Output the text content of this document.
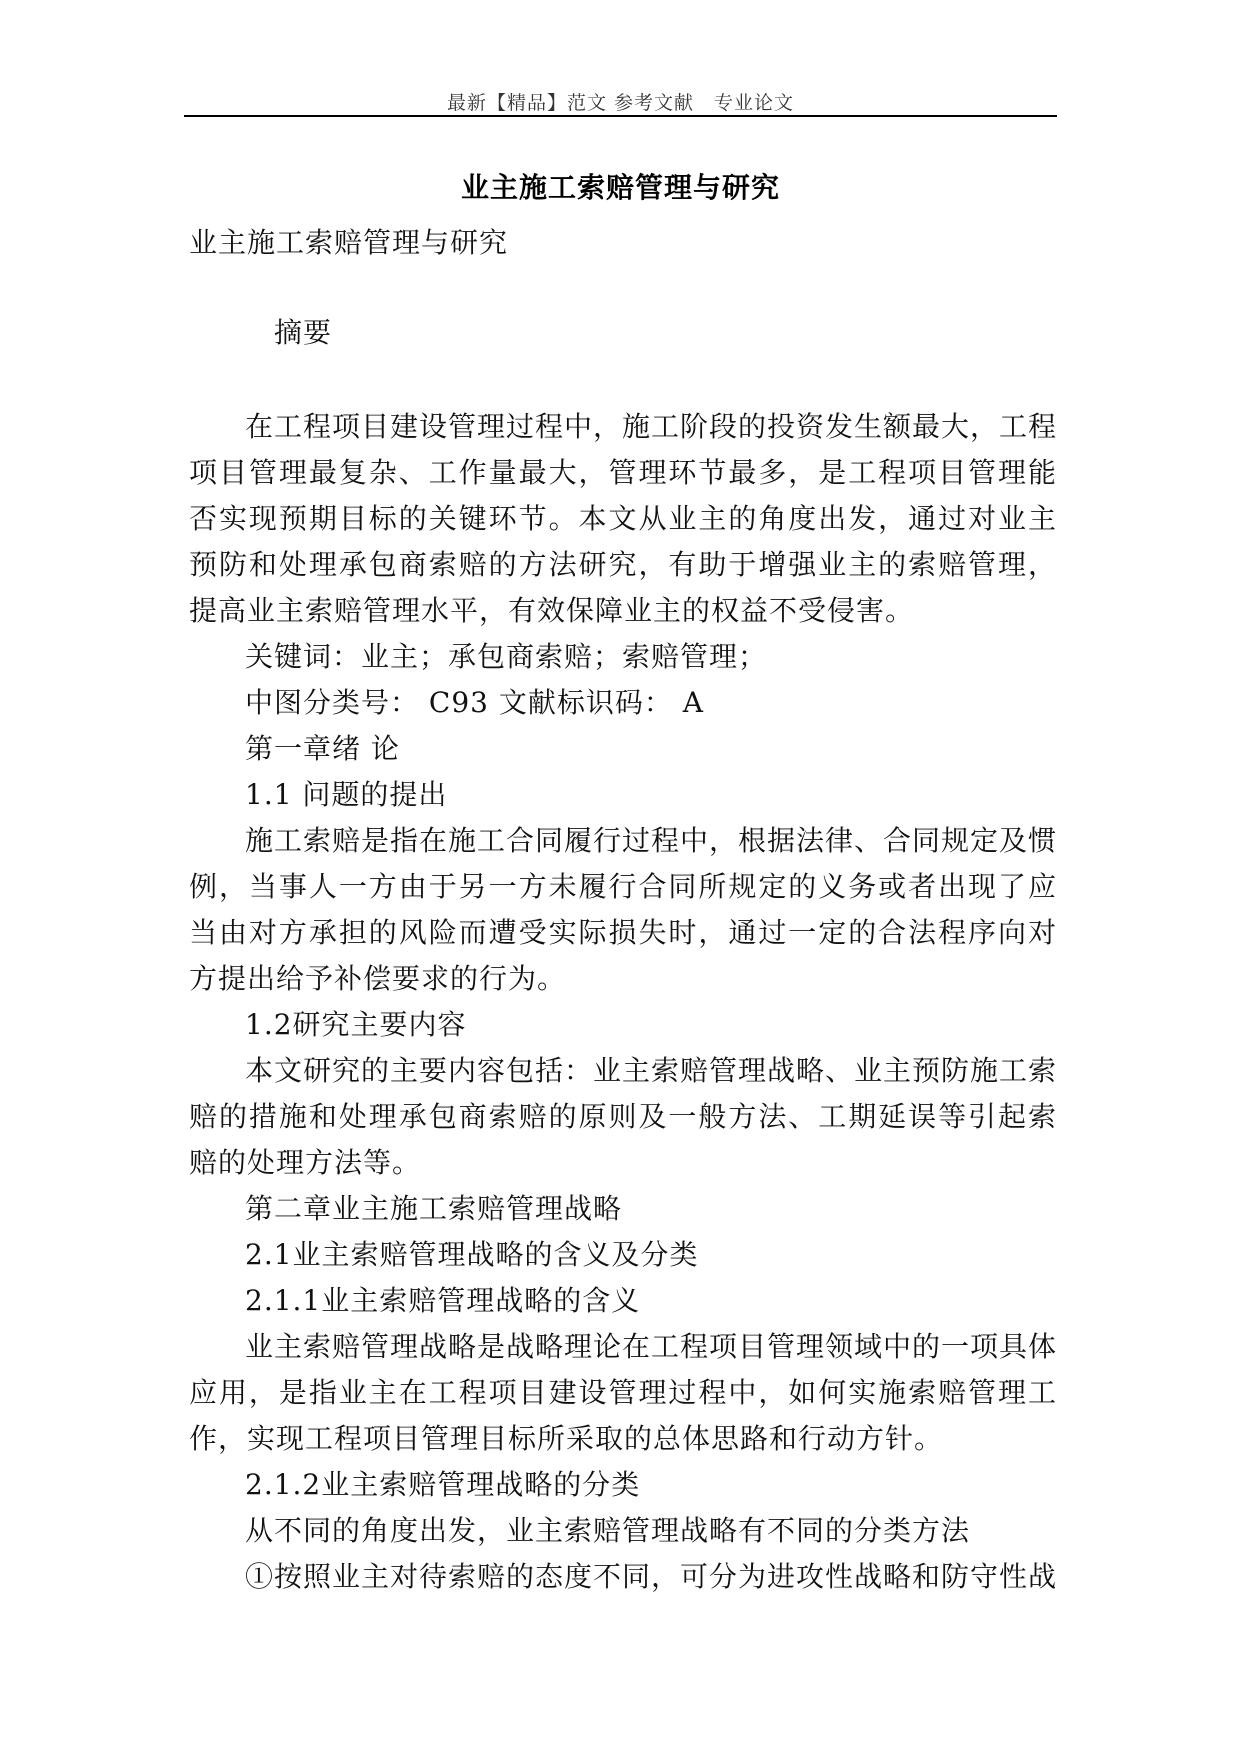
最新【精品】范文 参考文献　专业论文
业主施工索赔管理与研究
业主施工索赔管理与研究
摘要

在工程项目建设管理过程中，施工阶段的投资发生额最大，工程项目管理最复杂、工作量最大，管理环节最多，是工程项目管理能否实现预期目标的关键环节。本文从业主的角度出发，通过对业主预防和处理承包商索赔的方法研究，有助于增强业主的索赔管理，提高业主索赔管理水平，有效保障业主的权益不受侵害。

关键词：业主；承包商索赔；索赔管理；

中图分类号： C93 文献标识码： A

第一章绪 论

1.1 问题的提出

施工索赔是指在施工合同履行过程中，根据法律、合同规定及惯例，当事人一方由于另一方未履行合同所规定的义务或者出现了应当由对方承担的风险而遭受实际损失时，通过一定的合法程序向对方提出给予补偿要求的行为。

1.2研究主要内容

本文研究的主要内容包括：业主索赔管理战略、业主预防施工索赔的措施和处理承包商索赔的原则及一般方法、工期延误等引起索赔的处理方法等。

第二章业主施工索赔管理战略

2.1业主索赔管理战略的含义及分类

2.1.1业主索赔管理战略的含义

业主索赔管理战略是战略理论在工程项目管理领域中的一项具体应用，是指业主在工程项目建设管理过程中，如何实施索赔管理工作，实现工程项目管理目标所采取的总体思路和行动方针。

2.1.2业主索赔管理战略的分类

从不同的角度出发，业主索赔管理战略有不同的分类方法

①按照业主对待索赔的态度不同，可分为进攻性战略和防守性战
